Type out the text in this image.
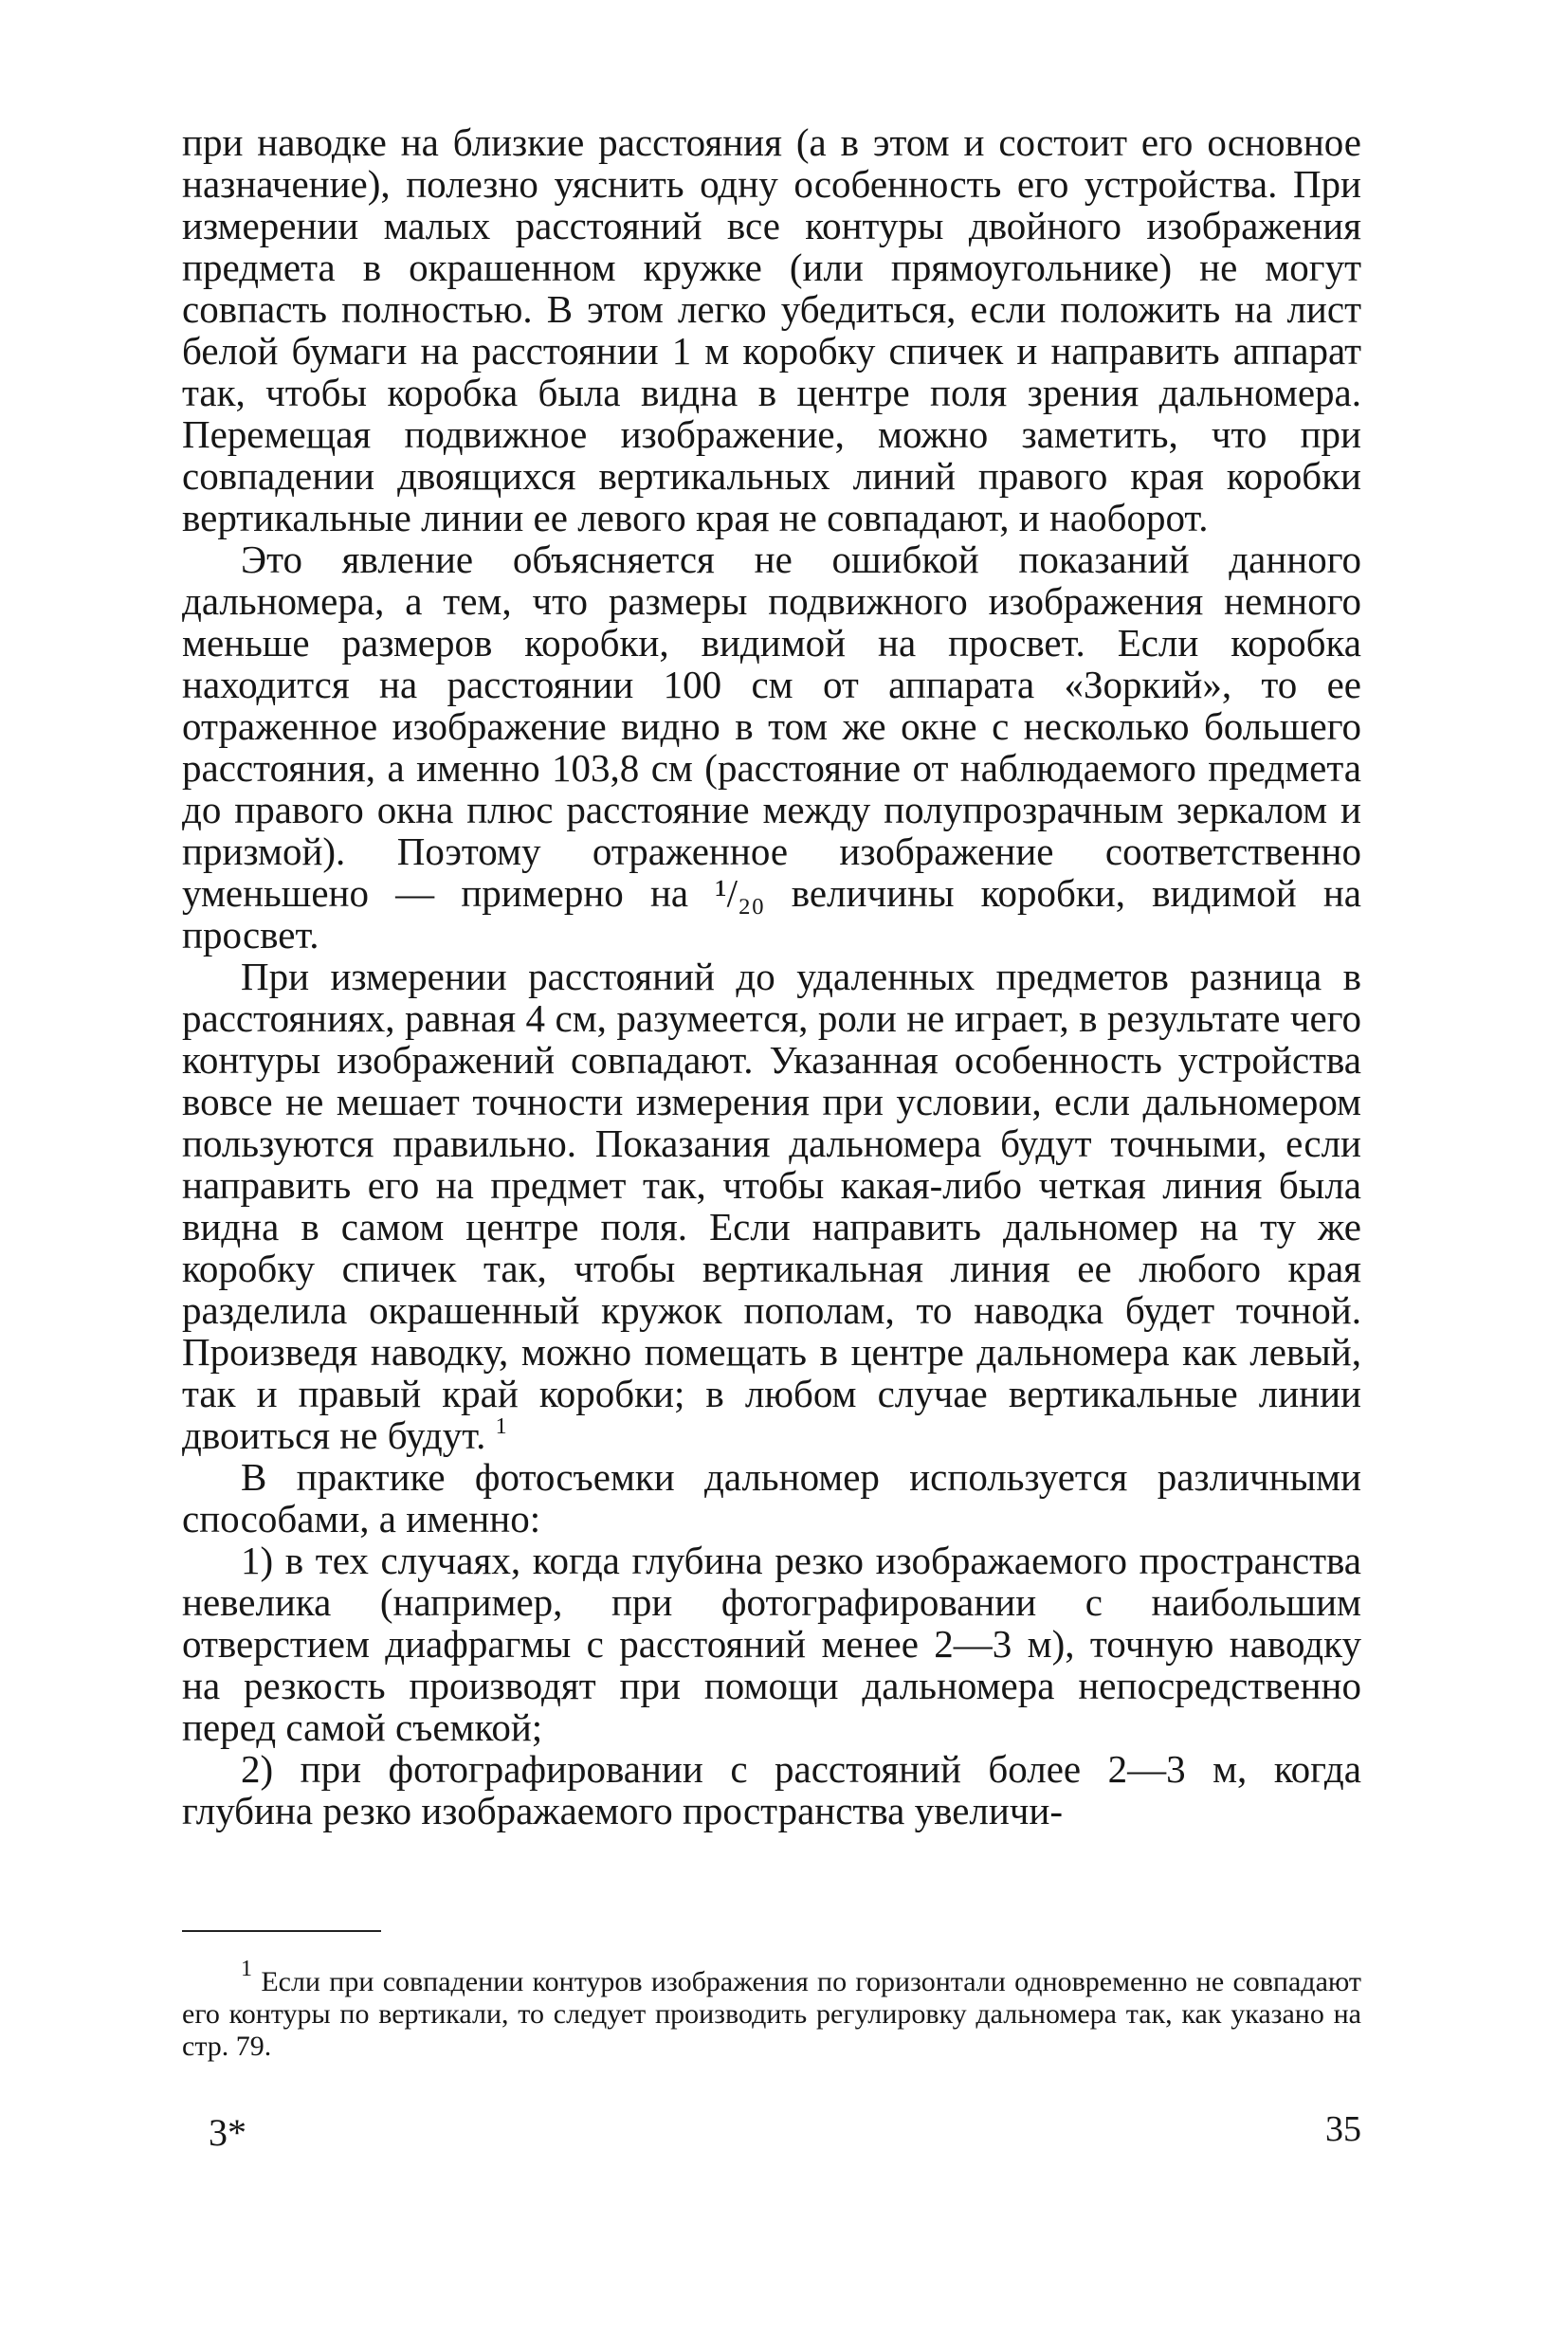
при наводке на близкие расстояния (а в этом и состоит его основное назначение), полезно уяснить одну особенность его устройства. При измерении малых расстояний все контуры двойного изображения предмета в окрашенном кружке (или прямоугольнике) не могут совпасть полностью. В этом легко убедиться, если положить на лист белой бумаги на расстоянии 1 м коробку спичек и направить аппарат так, чтобы коробка была видна в центре поля зрения дальномера. Перемещая подвижное изображение, можно заметить, что при совпадении двоящихся вертикальных линий правого края коробки вертикальные линии ее левого края не совпадают, и наоборот.

Это явление объясняется не ошибкой показаний данного дальномера, а тем, что размеры подвижного изображения немного меньше размеров коробки, видимой на просвет. Если коробка находится на расстоянии 100 см от аппарата «Зоркий», то ее отраженное изображение видно в том же окне с несколько большего расстояния, а именно 103,8 см (расстояние от наблюдаемого предмета до правого окна плюс расстояние между полупрозрачным зеркалом и призмой). Поэтому отраженное изображение соответственно уменьшено — примерно на ¹/₂₀ величины коробки, видимой на просвет.

При измерении расстояний до удаленных предметов разница в расстояниях, равная 4 см, разумеется, роли не играет, в результате чего контуры изображений совпадают. Указанная особенность устройства вовсе не мешает точности измерения при условии, если дальномером пользуются правильно. Показания дальномера будут точными, если направить его на предмет так, чтобы какая-либо четкая линия была видна в самом центре поля. Если направить дальномер на ту же коробку спичек так, чтобы вертикальная линия ее любого края разделила окрашенный кружок пополам, то наводка будет точной. Произведя наводку, можно помещать в центре дальномера как левый, так и правый край коробки; в любом случае вертикальные линии двоиться не будут. $^1$

В практике фотосъемки дальномер используется различными способами, а именно:

1) в тех случаях, когда глубина резко изображаемого пространства невелика (например, при фотографировании с наибольшим отверстием диафрагмы с расстояний менее 2—3 м), точную наводку на резкость производят при помощи дальномера непосредственно перед самой съемкой;

2) при фотографировании с расстояний более 2—3 м, когда глубина резко изображаемого пространства увеличи-

$^1$ Если при совпадении контуров изображения по горизонтали одновременно не совпадают его контуры по вертикали, то следует производить регулировку дальномера так, как указано на стр. 79.
3*	35
